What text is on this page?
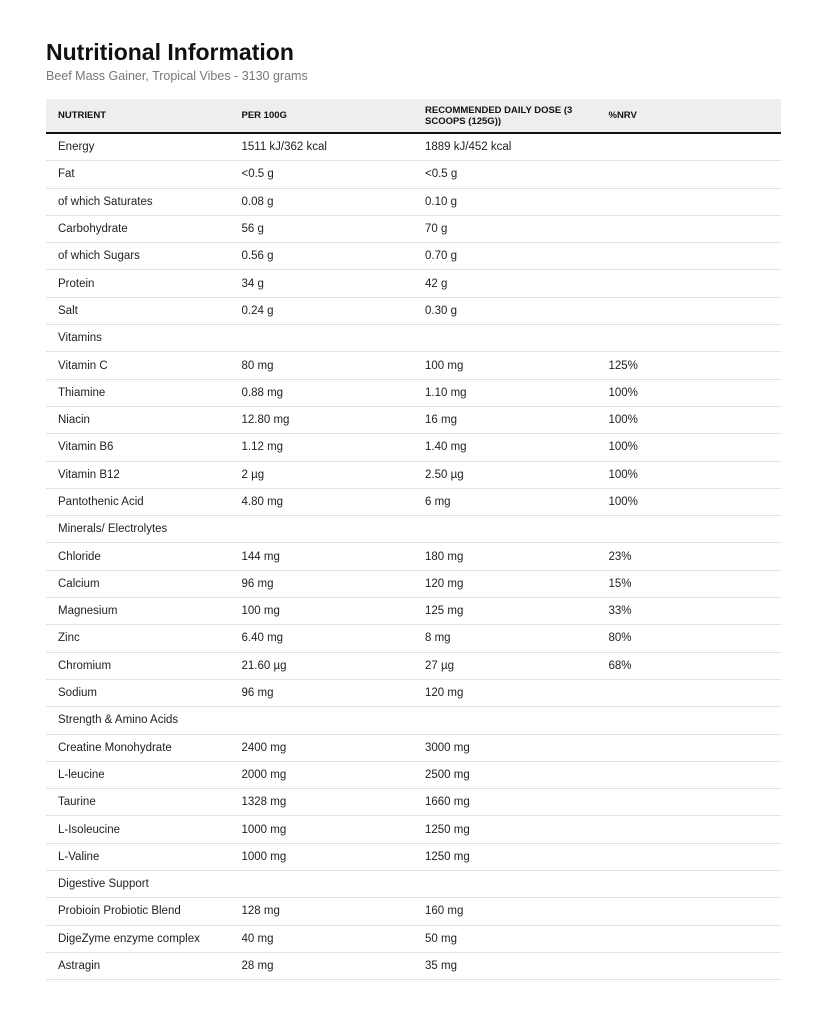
Nutritional Information
Beef Mass Gainer, Tropical Vibes - 3130 grams
NUTRIENT	PER 100G	RECOMMENDED DAILY DOSE (3 SCOOPS (125G))	%NRV
Energy	1511 kJ/362 kcal	1889 kJ/452 kcal	
Fat	<0.5 g	<0.5 g	
of which Saturates	0.08 g	0.10 g	
Carbohydrate	56 g	70 g	
of which Sugars	0.56 g	0.70 g	
Protein	34 g	42 g	
Salt	0.24 g	0.30 g	
Vitamins			
Vitamin C	80 mg	100 mg	125%
Thiamine	0.88 mg	1.10 mg	100%
Niacin	12.80 mg	16 mg	100%
Vitamin B6	1.12 mg	1.40 mg	100%
Vitamin B12	2 µg	2.50 µg	100%
Pantothenic Acid	4.80 mg	6 mg	100%
Minerals/ Electrolytes			
Chloride	144 mg	180 mg	23%
Calcium	96 mg	120 mg	15%
Magnesium	100 mg	125 mg	33%
Zinc	6.40 mg	8 mg	80%
Chromium	21.60 µg	27 µg	68%
Sodium	96 mg	120 mg	
Strength & Amino Acids			
Creatine Monohydrate	2400 mg	3000 mg	
L-leucine	2000 mg	2500 mg	
Taurine	1328 mg	1660 mg	
L-Isoleucine	1000 mg	1250 mg	
L-Valine	1000 mg	1250 mg	
Digestive Support			
Probioin Probiotic Blend	128 mg	160 mg	
DigeZyme enzyme complex	40 mg	50 mg	
Astragin	28 mg	35 mg	
